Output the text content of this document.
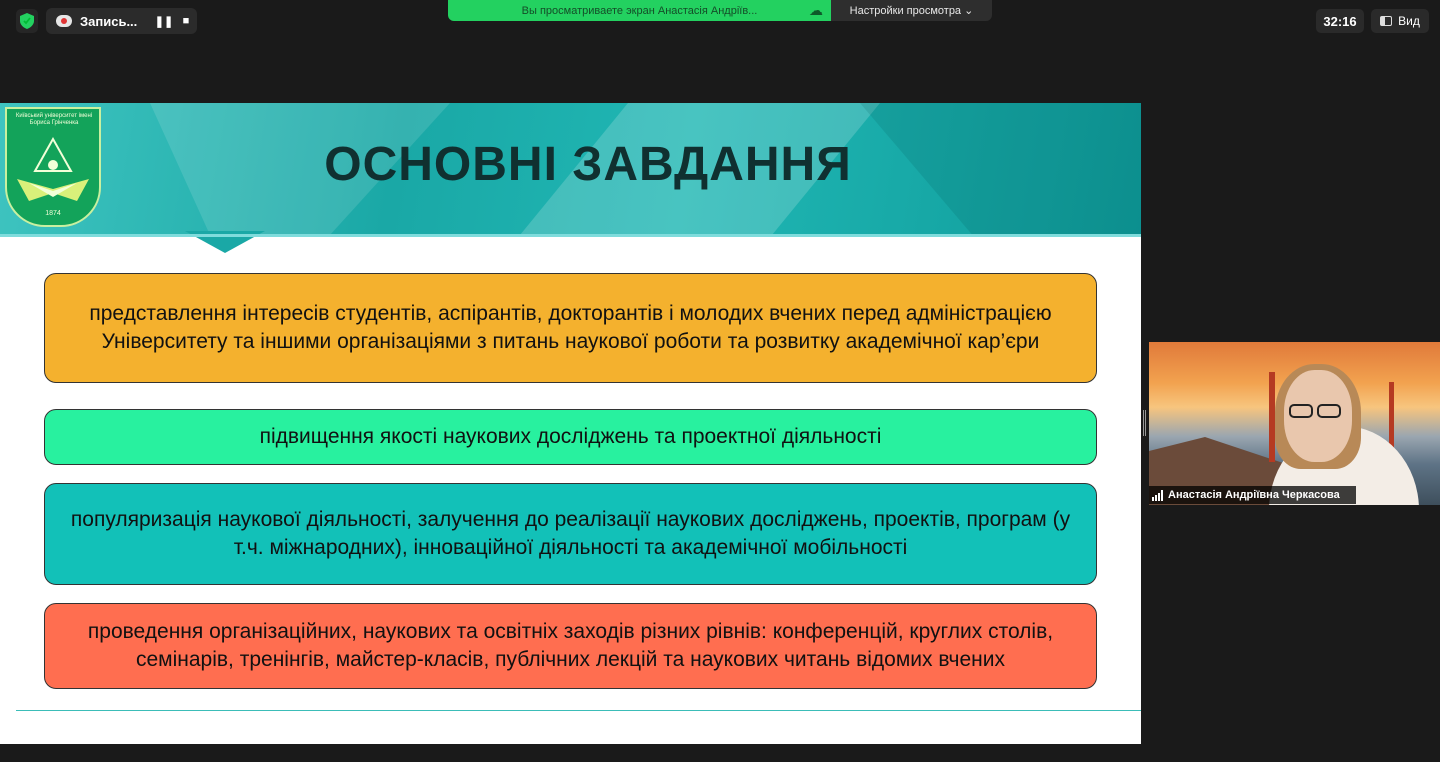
Запись...	❚❚ ■
Вы просматриваете экран Анастасія Андріїв...	☁	Настройки просмотра ⌄
32:16	Вид
Київський університет імені Бориса Грінченка
1874
ОСНОВНІ ЗАВДАННЯ
представлення інтересів студентів, аспірантів, докторантів і молодих вчених перед адміністрацією Університету та іншими організаціями з питань наукової роботи та розвитку академічної кар’єри
підвищення якості наукових досліджень та проектної діяльності
популяризація наукової діяльності, залучення до реалізації наукових досліджень, проектів, програм (у т.ч. міжнародних), інноваційної діяльності та академічної мобільності
проведення організаційних, наукових та освітніх заходів різних рівнів: конференцій, круглих столів, семінарів, тренінгів, майстер-класів, публічних лекцій та наукових читань відомих вчених
Анастасія Андріївна Черкасова
